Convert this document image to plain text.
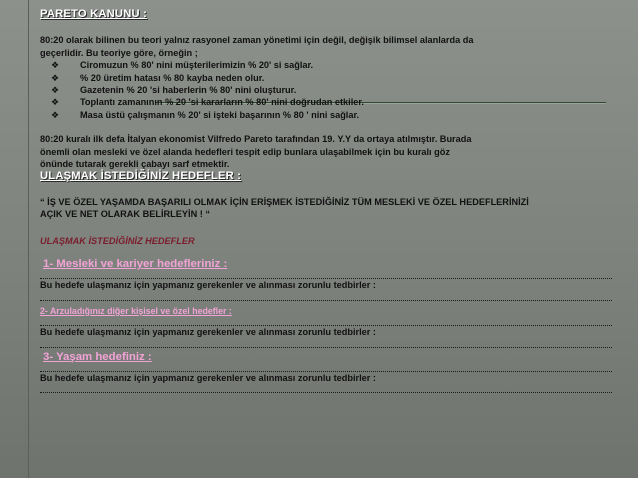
PARETO KANUNU :

80:20 olarak bilinen bu teori yalnız rasyonel zaman yönetimi için değil, değişik bilimsel alanlarda da

geçerlidir. Bu teoriye göre, örneğin ;

❖	Ciromuzun % 80' nini müşterilerimizin % 20' si sağlar.
❖	% 20 üretim hatası % 80 kayba neden olur.
❖	Gazetenin % 20 'si haberlerin % 80' nini oluşturur.
❖	Toplantı zamanının % 20 'si kararların % 80' nini doğrudan etkiler.
❖	Masa üstü çalışmanın % 20' si işteki başarının % 80 ' nini sağlar.

80:20 kuralı ilk defa İtalyan ekonomist Vilfredo Pareto tarafından 19. Y.Y da ortaya atılmıştır. Burada

önemli olan mesleki ve özel alanda hedefleri tespit edip bunlara ulaşabilmek için bu kuralı göz

önünde tutarak gerekli çabayı sarf etmektir.

ULAŞMAK İSTEDİĞİNİZ HEDEFLER :

“ İŞ VE ÖZEL YAŞAMDA BAŞARILI OLMAK İÇİN ERİŞMEK İSTEDİĞİNİZ TÜM MESLEKİ VE ÖZEL HEDEFLERİNİZİ

AÇIK VE NET OLARAK BELİRLEYİN ! “

ULAŞMAK İSTEDİĞİNİZ HEDEFLER
1- Mesleki ve kariyer hedefleriniz :

Bu hedefe ulaşmanız için yapmanız gerekenler ve alınması zorunlu tedbirler :

2- Arzuladığınız diğer kişisel ve özel hedefler :

Bu hedefe ulaşmanız için yapmanız gerekenler ve alınması zorunlu tedbirler :

3- Yaşam hedefiniz :

Bu hedefe ulaşmanız için yapmanız gerekenler ve alınması zorunlu tedbirler :
